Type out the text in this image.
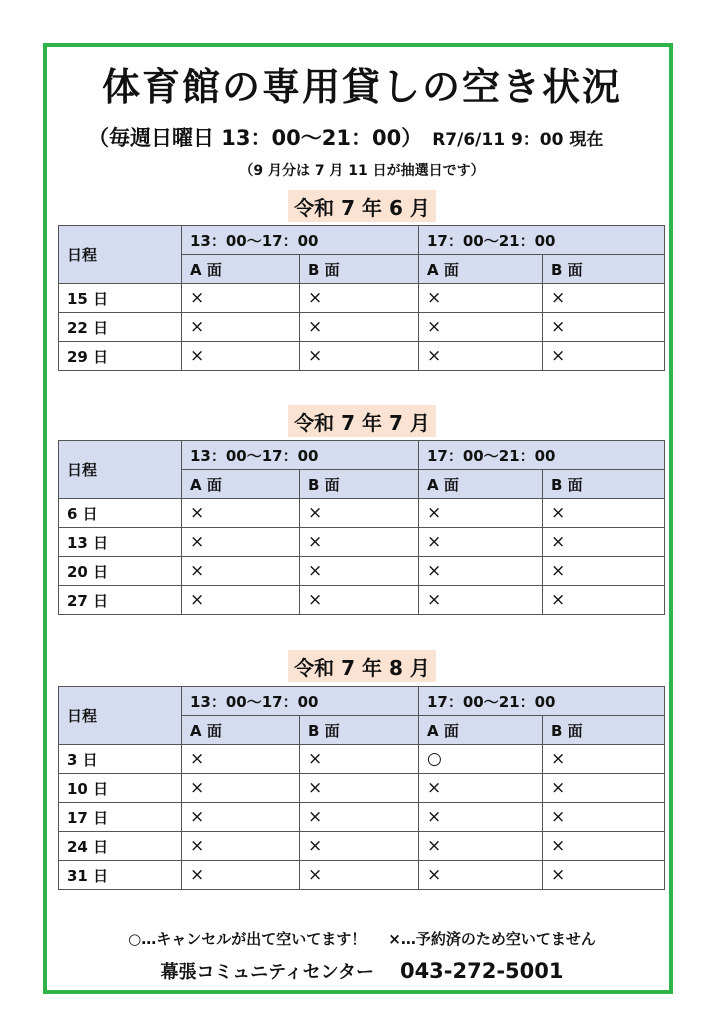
体育館の専用貸しの空き状況
（毎週日曜日 13：00～21：00） R7/6/11 9：00 現在
（9 月分は 7 月 11 日が抽選日です）
令和 7 年 6 月
日程	13：00～17：00		17：00～21：00	
	A 面	B 面	A 面	B 面
15 日	×	×	×	×
22 日	×	×	×	×
29 日	×	×	×	×
令和 7 年 7 月
日程	13：00～17：00		17：00～21：00	
	A 面	B 面	A 面	B 面
6 日	×	×	×	×
13 日	×	×	×	×
20 日	×	×	×	×
27 日	×	×	×	×
令和 7 年 8 月
日程	13：00～17：00		17：00～21：00	
	A 面	B 面	A 面	B 面
3 日	×	×	○	×
10 日	×	×	×	×
17 日	×	×	×	×
24 日	×	×	×	×
31 日	×	×	×	×
○…キャンセルが出て空いてます！ ×…予約済のため空いてません
幕張コミュニティセンター 043-272-5001
